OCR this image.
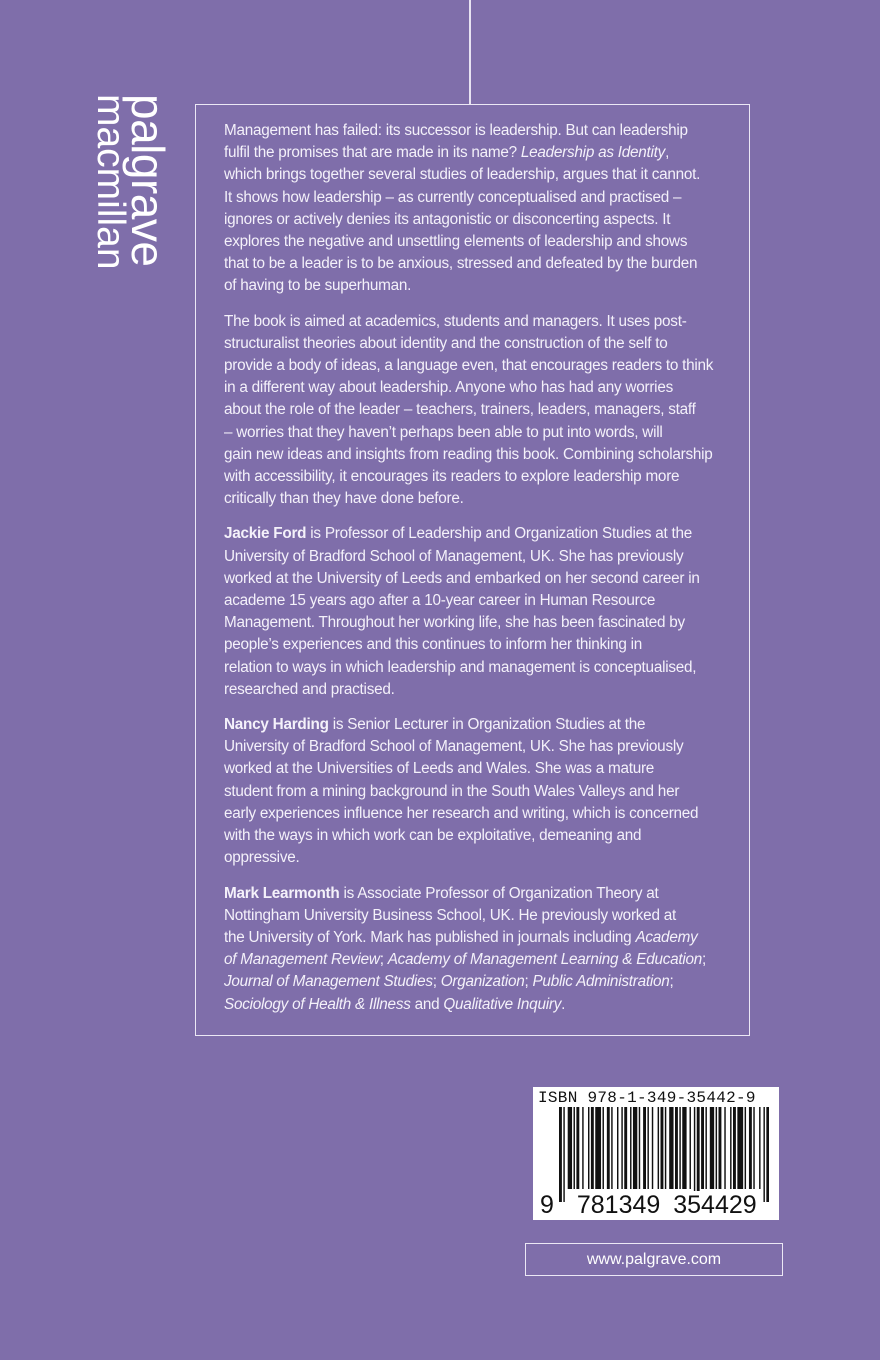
palgrave
macmillan	Management has failed: its successor is leadership. But can leadership
fulfil the promises that are made in its name? Leadership as Identity,
which brings together several studies of leadership, argues that it cannot.
It shows how leadership – as currently conceptualised and practised –
ignores or actively denies its antagonistic or disconcerting aspects. It
explores the negative and unsettling elements of leadership and shows
that to be a leader is to be anxious, stressed and defeated by the burden
of having to be superhuman.
The book is aimed at academics, students and managers. It uses post-
structuralist theories about identity and the construction of the self to
provide a body of ideas, a language even, that encourages readers to think
in a different way about leadership. Anyone who has had any worries
about the role of the leader – teachers, trainers, leaders, managers, staff
– worries that they haven’t perhaps been able to put into words, will
gain new ideas and insights from reading this book. Combining scholarship
with accessibility, it encourages its readers to explore leadership more
critically than they have done before.
Jackie Ford is Professor of Leadership and Organization Studies at the
University of Bradford School of Management, UK. She has previously
worked at the University of Leeds and embarked on her second career in
academe 15 years ago after a 10-year career in Human Resource
Management. Throughout her working life, she has been fascinated by
people’s experiences and this continues to inform her thinking in
relation to ways in which leadership and management is conceptualised,
researched and practised.
Nancy Harding is Senior Lecturer in Organization Studies at the
University of Bradford School of Management, UK. She has previously
worked at the Universities of Leeds and Wales. She was a mature
student from a mining background in the South Wales Valleys and her
early experiences influence her research and writing, which is concerned
with the ways in which work can be exploitative, demeaning and
oppressive.
Mark Learmonth is Associate Professor of Organization Theory at
Nottingham University Business School, UK. He previously worked at
the University of York. Mark has published in journals including Academy
of Management Review; Academy of Management Learning & Education;
Journal of Management Studies; Organization; Public Administration;
Sociology of Health & Illness and Qualitative Inquiry.
ISBN 978-1-349-35442-9
9 781349 354429
www.palgrave.com
